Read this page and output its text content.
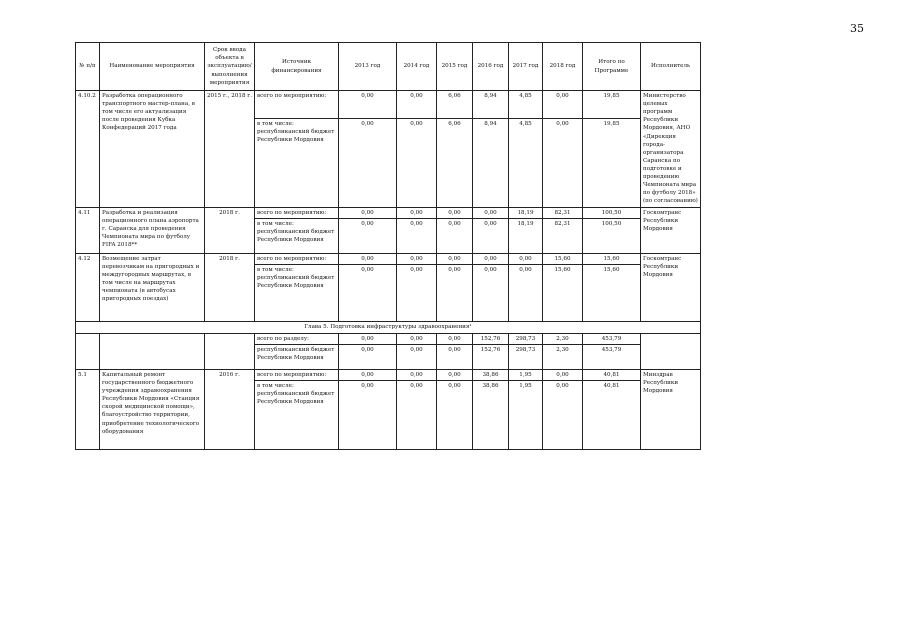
35
№ п/п	Наименование мероприятия	Срок ввода объекта в эксплуатацию/ выполнения мероприятия	Источник финансирования	2013 год	2014 год	2015 год	2016 год	2017 год	2018 год	Итого по Программе	Исполнитель
4.10.2	Разработка операционного транспортного мастер-плана, в том числе его актуализация после проведения Кубка Конфедераций 2017 года	2015 г., 2018 г.	всего по мероприятию:	0,00	0,00	6,06	8,94	4,85	0,00	19,85	Министерство целевых программ Республики Мордовия, АНО «Дирекция города-организатора Саранска по подготовке и проведению Чемпионата мира по футболу 2018» (по согласованию)
			в том числе: республиканский бюджет Республики Мордовия	0,00	0,00	6,06	8,94	4,85	0,00	19,85	
4.11	Разработка и реализация операционного плана аэропорта г. Саранска для проведения Чемпионата мира по футболу FIFA 2018**	2018 г.	всего по мероприятию:	0,00	0,00	0,00	0,00	18,19	82,31	100,50	Госкомтранс Республики Мордовия
			в том числе: республиканский бюджет Республики Мордовия	0,00	0,00	0,00	0,00	18,19	82,31	100,50	
4.12	Возмещение затрат перевозчикам на пригородных и междугородных маршрутах, в том числе на маршрутах чемпионата (в автобусах пригородных поездах)	2018 г.	всего по мероприятию:	0,00	0,00	0,00	0,00	0,00	15,60	15,60	Госкомтранс Республики Мордовия
			в том числе: республиканский бюджет Республики Мордовия	0,00	0,00	0,00	0,00	0,00	15,60	15,60	
Глава 5. Подготовка инфраструктуры здравоохранения¹											
			всего по разделу:	0,00	0,00	0,00	152,76	298,73	2,30	453,79	
			республиканский бюджет Республики Мордовия	0,00	0,00	0,00	152,76	298,73	2,30	453,79	
5.1	Капитальный ремонт государственного бюджетного учреждения здравоохранения Республики Мордовия «Станция скорой медицинской помощи», благоустройство территории, приобретение технологического оборудования	2016 г.	всего по мероприятию:	0,00	0,00	0,00	38,86	1,95	0,00	40,81	Минздрав Республики Мордовия
			в том числе: республиканский бюджет Республики Мордовия	0,00	0,00	0,00	38,86	1,95	0,00	40,81	
